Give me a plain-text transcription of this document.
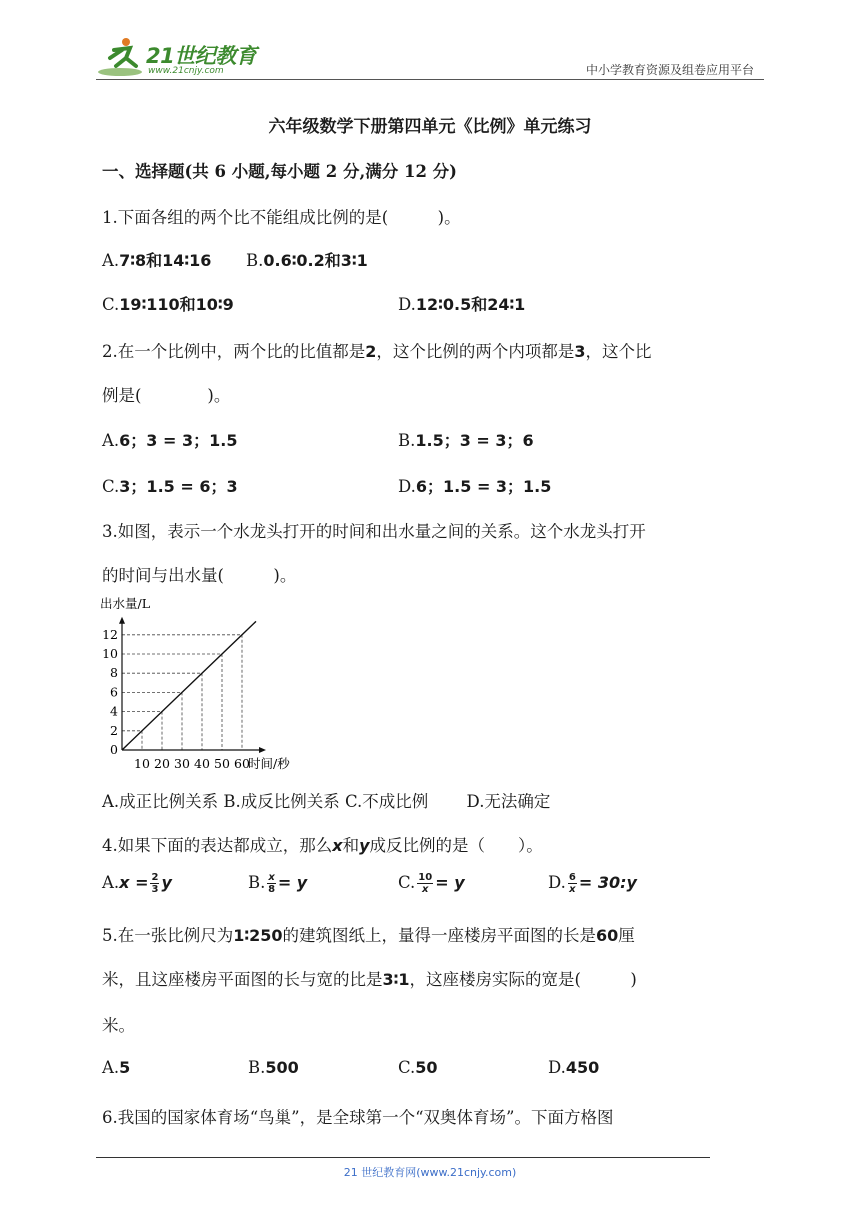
21世纪教育
www.21cnjy.com	中小学教育资源及组卷应用平台
六年级数学下册第四单元《比例》单元练习
一、选择题(共 6 小题,每小题 2 分,满分 12 分)
1.下面各组的两个比不能组成比例的是(　　　)。
A.7∶8和14∶16 B.0.6∶0.2和3∶1
C.19∶110和10∶9	D.12∶0.5和24∶1
2.在一个比例中，两个比的比值都是2，这个比例的两个内项都是3，这个比
例是(　　　　)。
A.6；3 = 3；1.5	B.1.5；3 = 3；6
C.3；1.5 = 6；3	D.6；1.5 = 3；1.5
3.如图，表示一个水龙头打开的时间和出水量之间的关系。这个水龙头打开
的时间与出水量(　　　)。
0
2
4
6
8
10
12
10 20 30 40 50 60
时间/秒
出水量/L
A.成正比例关系 B.成反比例关系 C.不成比例　　 D.无法确定
4.如果下面的表达都成立，那么x和y成反比例的是（　　）。
$A.x = \frac{2}{3}$ y	B. $\frac{x}{8} = y$	C. $\frac{10}{x} = y$	D. $\frac{6}{x}$ = 30:y
5.在一张比例尺为1∶250的建筑图纸上，量得一座楼房平面图的长是60厘
米，且这座楼房平面图的长与宽的比是3∶1，这座楼房实际的宽是(　　　)
米。
A.5	B.500	C.50	D.450
6.我国的国家体育场“鸟巢”，是全球第一个“双奥体育场”。下面方格图
21 世纪教育网(www.21cnjy.com)
